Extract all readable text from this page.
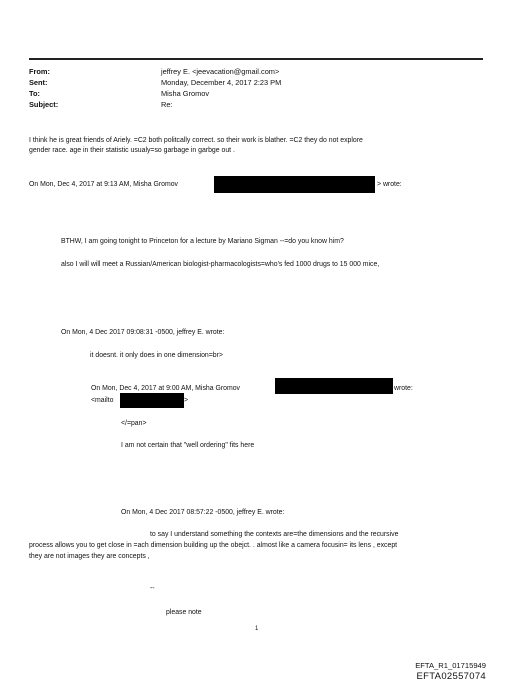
From:	jeffrey E. <jeevacation@gmail.com>
Sent:	Monday, December 4, 2017 2:23 PM
To:	Misha Gromov
Subject:	Re:
I think he is great friends of Ariely. =C2 both politcally correct. so their work is blather. =C2 they do not explore
gender race. age in their statistic usualy=so garbage in garbge out .
On Mon, Dec 4, 2017 at 9:13 AM, Misha Gromov	> wrote:
BTHW, I am going tonight to Princeton for a lecture by Mariano Sigman --=do you know him?
also I will will meet a Russian/American biologist-pharmacologists=who's fed 1000 drugs to 15 000 mice,
On Mon, 4 Dec 2017 09:08:31 -0500, jeffrey E. wrote:
it doesnt. it only does in one dimension=br>
On Mon, Dec 4, 2017 at 9:00 AM, Misha Gromov	wrote:
<mailto	>
</=pan>
I am not certain that "well ordering" fits here
On Mon, 4 Dec 2017 08:57:22 -0500, jeffrey E. wrote:
to say I understand something the contexts are=the dimensions and the recursive
process allows you to get close in =ach dimension building up the obejct. . almost like a camera focusin= its lens , except
they are not images they are concepts ,
--
please note
1
EFTA_R1_01715949
EFTA02557074
